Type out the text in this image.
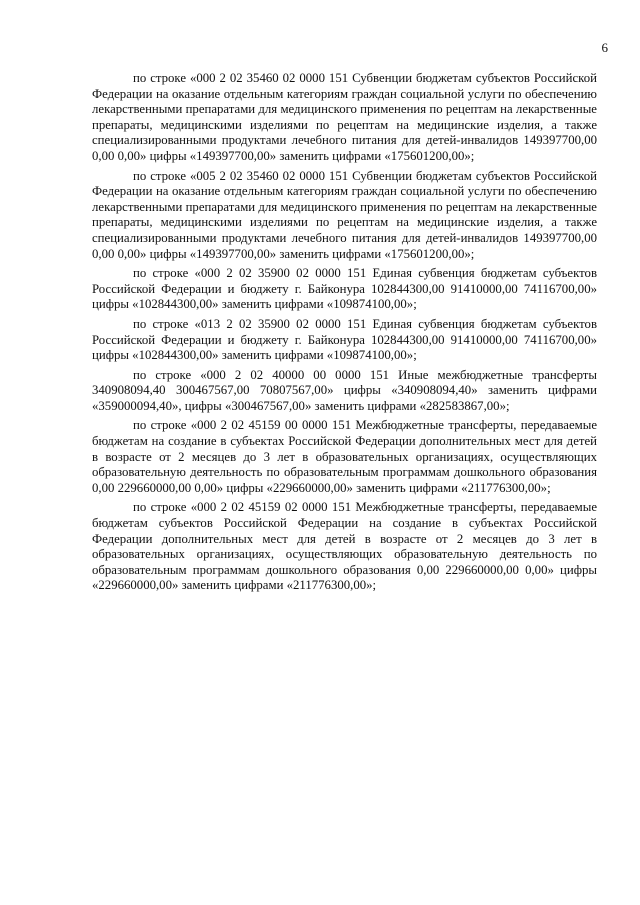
6

по строке «000 2 02 35460 02 0000 151 Субвенции бюджетам субъектов Российской Федерации на оказание отдельным категориям граждан социальной услуги по обеспечению лекарственными препаратами для медицинского применения по рецептам на лекарственные препараты, медицинскими изделиями по рецептам на медицинские изделия, а также специализированными продуктами лечебного питания для детей-инвалидов 149397700,00 0,00 0,00» цифры «149397700,00» заменить цифрами «175601200,00»;

по строке «005 2 02 35460 02 0000 151 Субвенции бюджетам субъектов Российской Федерации на оказание отдельным категориям граждан социальной услуги по обеспечению лекарственными препаратами для медицинского применения по рецептам на лекарственные препараты, медицинскими изделиями по рецептам на медицинские изделия, а также специализированными продуктами лечебного питания для детей-инвалидов 149397700,00 0,00 0,00» цифры «149397700,00» заменить цифрами «175601200,00»;

по строке «000 2 02 35900 02 0000 151 Единая субвенция бюджетам субъектов Российской Федерации и бюджету г. Байконура 102844300,00 91410000,00 74116700,00» цифры «102844300,00» заменить цифрами «109874100,00»;

по строке «013 2 02 35900 02 0000 151 Единая субвенция бюджетам субъектов Российской Федерации и бюджету г. Байконура 102844300,00 91410000,00 74116700,00» цифры «102844300,00» заменить цифрами «109874100,00»;

по строке «000 2 02 40000 00 0000 151 Иные межбюджетные трансферты 340908094,40 300467567,00 70807567,00» цифры «340908094,40» заменить цифрами «359000094,40», цифры «300467567,00» заменить цифрами «282583867,00»;

по строке «000 2 02 45159 00 0000 151 Межбюджетные трансферты, передаваемые бюджетам на создание в субъектах Российской Федерации дополнительных мест для детей в возрасте от 2 месяцев до 3 лет в образовательных организациях, осуществляющих образовательную деятельность по образовательным программам дошкольного образования 0,00 229660000,00 0,00» цифры «229660000,00» заменить цифрами «211776300,00»;

по строке «000 2 02 45159 02 0000 151 Межбюджетные трансферты, передаваемые бюджетам субъектов Российской Федерации на создание в субъектах Российской Федерации дополнительных мест для детей в возрасте от 2 месяцев до 3 лет в образовательных организациях, осуществляющих образовательную деятельность по образовательным программам дошкольного образования 0,00 229660000,00 0,00» цифры «229660000,00» заменить цифрами «211776300,00»;
